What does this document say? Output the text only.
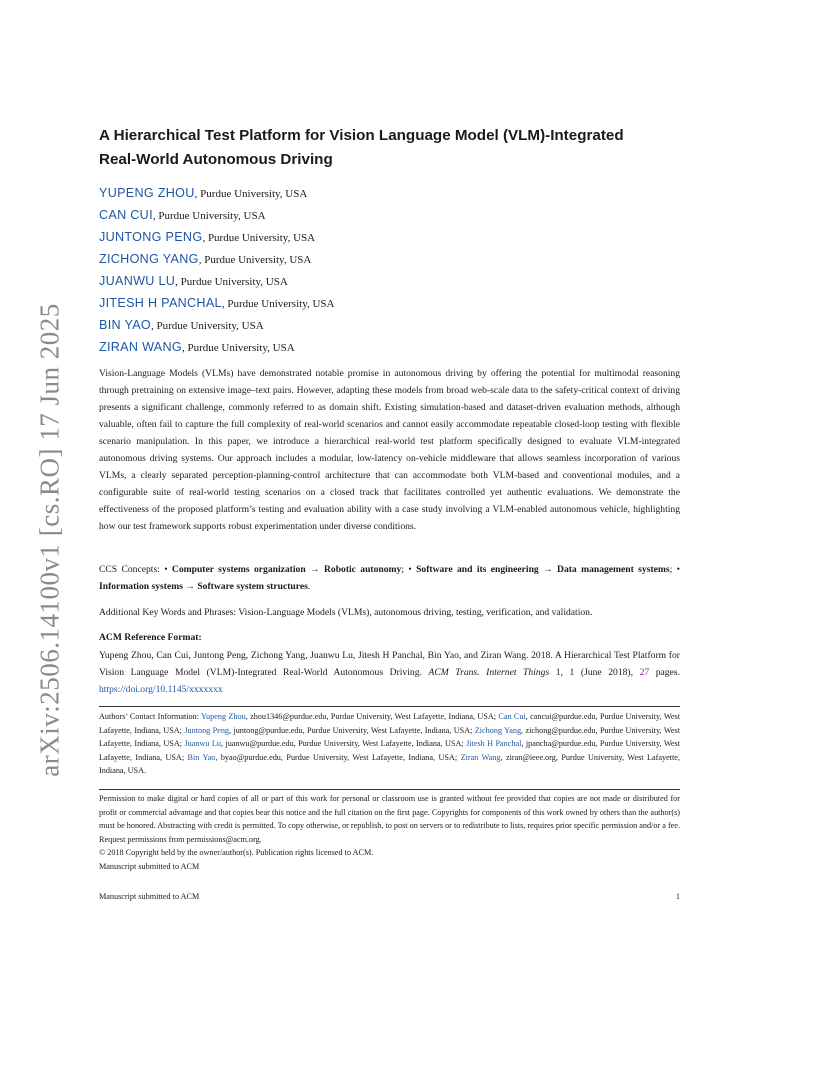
arXiv:2506.14100v1 [cs.RO] 17 Jun 2025
A Hierarchical Test Platform for Vision Language Model (VLM)-Integrated
Real-World Autonomous Driving
YUPENG ZHOU, Purdue University, USA
CAN CUI, Purdue University, USA
JUNTONG PENG, Purdue University, USA
ZICHONG YANG, Purdue University, USA
JUANWU LU, Purdue University, USA
JITESH H PANCHAL, Purdue University, USA
BIN YAO, Purdue University, USA
ZIRAN WANG, Purdue University, USA
Vision-Language Models (VLMs) have demonstrated notable promise in autonomous driving by offering the potential for multimodal reasoning through pretraining on extensive image–text pairs. However, adapting these models from broad web-scale data to the safety-critical context of driving presents a significant challenge, commonly referred to as domain shift. Existing simulation-based and dataset-driven evaluation methods, although valuable, often fail to capture the full complexity of real-world scenarios and cannot easily accommodate repeatable closed-loop testing with flexible scenario manipulation. In this paper, we introduce a hierarchical real-world test platform specifically designed to evaluate VLM-integrated autonomous driving systems. Our approach includes a modular, low-latency on-vehicle middleware that allows seamless incorporation of various VLMs, a clearly separated perception-planning-control architecture that can accommodate both VLM-based and conventional modules, and a configurable suite of real-world testing scenarios on a closed track that facilitates controlled yet authentic evaluations. We demonstrate the effectiveness of the proposed platform’s testing and evaluation ability with a case study involving a VLM-enabled autonomous vehicle, highlighting how our test framework supports robust experimentation under diverse conditions.
CCS Concepts: • Computer systems organization → Robotic autonomy; • Software and its engineering → Data management systems; • Information systems → Software system structures.
Additional Key Words and Phrases: Vision-Language Models (VLMs), autonomous driving, testing, verification, and validation.
ACM Reference Format:
Yupeng Zhou, Can Cui, Juntong Peng, Zichong Yang, Juanwu Lu, Jitesh H Panchal, Bin Yao, and Ziran Wang. 2018. A Hierarchical Test Platform for Vision Language Model (VLM)-Integrated Real-World Autonomous Driving. ACM Trans. Internet Things 1, 1 (June 2018), 27 pages. https://doi.org/10.1145/xxxxxxx
Authors’ Contact Information: Yupeng Zhou, zhou1346@purdue.edu, Purdue University, West Lafayette, Indiana, USA; Can Cui, cancui@purdue.edu, Purdue University, West Lafayette, Indiana, USA; Juntong Peng, juntong@purdue.edu, Purdue University, West Lafayette, Indiana, USA; Zichong Yang, zichong@purdue.edu, Purdue University, West Lafayette, Indiana, USA; Juanwu Lu, juanwu@purdue.edu, Purdue University, West Lafayette, Indiana, USA; Jitesh H Panchal, jpancha@purdue.edu, Purdue University, West Lafayette, Indiana, USA; Bin Yao, byao@purdue.edu, Purdue University, West Lafayette, Indiana, USA; Ziran Wang, ziran@ieee.org, Purdue University, West Lafayette, Indiana, USA.
Permission to make digital or hard copies of all or part of this work for personal or classroom use is granted without fee provided that copies are not made or distributed for profit or commercial advantage and that copies bear this notice and the full citation on the first page. Copyrights for components of this work owned by others than the author(s) must be honored. Abstracting with credit is permitted. To copy otherwise, or republish, to post on servers or to redistribute to lists, requires prior specific permission and/or a fee. Request permissions from permissions@acm.org.
© 2018 Copyright held by the owner/author(s). Publication rights licensed to ACM.
Manuscript submitted to ACM
Manuscript submitted to ACM	1
